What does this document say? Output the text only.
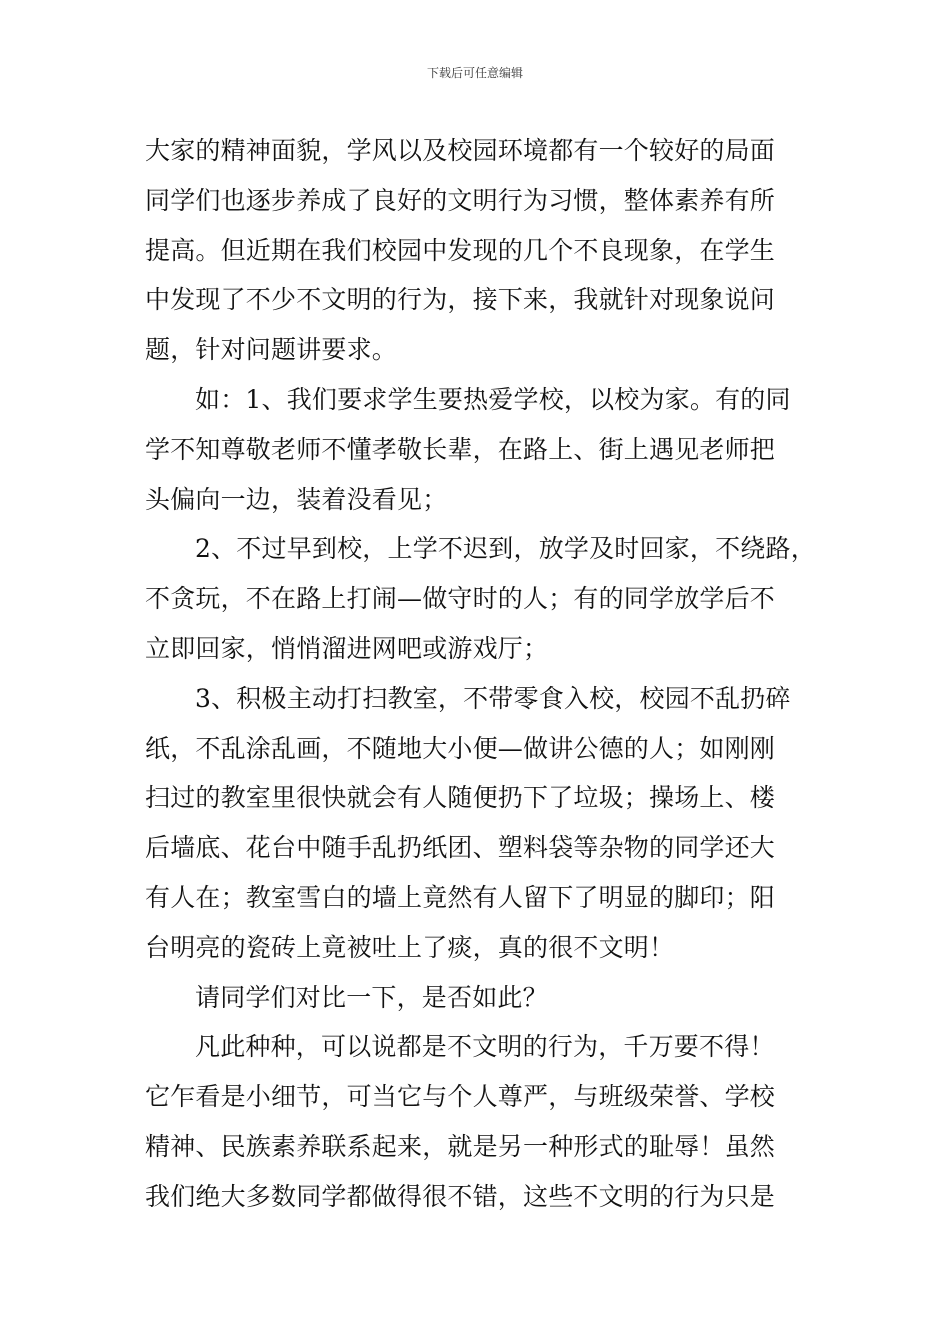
下载后可任意编辑
大家的精神面貌，学风以及校园环境都有一个较好的局面
同学们也逐步养成了良好的文明行为习惯，整体素养有所
提高。但近期在我们校园中发现的几个不良现象，在学生
中发现了不少不文明的行为，接下来，我就针对现象说问
题，针对问题讲要求。
如：1、我们要求学生要热爱学校，以校为家。有的同
学不知尊敬老师不懂孝敬长辈，在路上、街上遇见老师把
头偏向一边，装着没看见；
2、不过早到校，上学不迟到，放学及时回家，不绕路，
不贪玩，不在路上打闹—做守时的人；有的同学放学后不
立即回家，悄悄溜进网吧或游戏厅；
3、积极主动打扫教室，不带零食入校，校园不乱扔碎
纸，不乱涂乱画，不随地大小便—做讲公德的人；如刚刚
扫过的教室里很快就会有人随便扔下了垃圾；操场上、楼
后墙底、花台中随手乱扔纸团、塑料袋等杂物的同学还大
有人在；教室雪白的墙上竟然有人留下了明显的脚印；阳
台明亮的瓷砖上竟被吐上了痰，真的很不文明！
请同学们对比一下，是否如此？
凡此种种，可以说都是不文明的行为，千万要不得！
它乍看是小细节，可当它与个人尊严，与班级荣誉、学校
精神、民族素养联系起来，就是另一种形式的耻辱！虽然
我们绝大多数同学都做得很不错，这些不文明的行为只是
